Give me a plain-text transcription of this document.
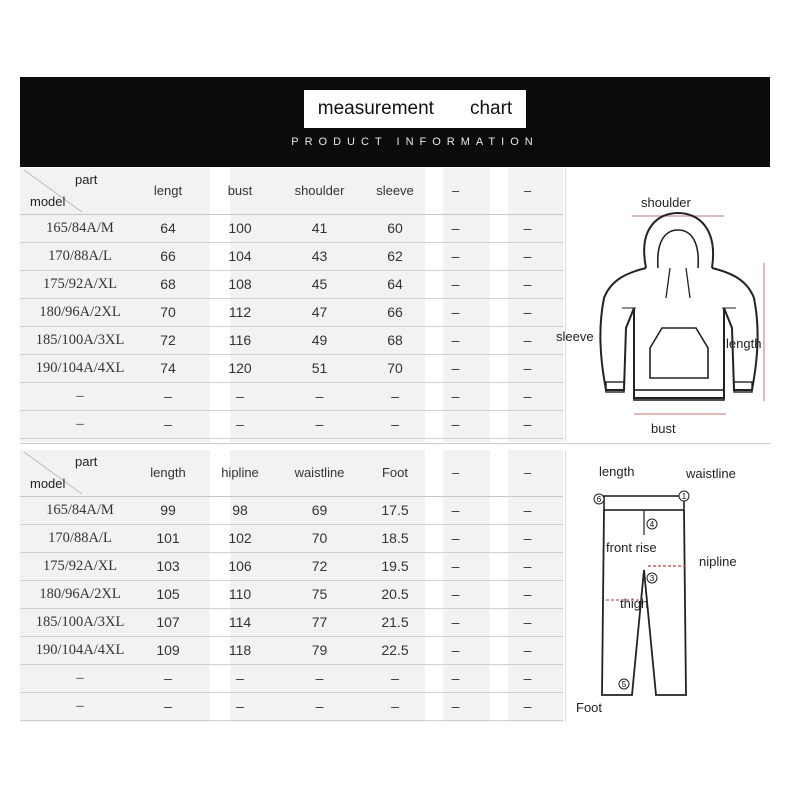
measurement chart
PRODUCT INFORMATION
part
model
lengt	bust	shoulder	sleeve	–	–
165/84A/M	64	100	41	60	–	–
170/88A/L	66	104	43	62	–	–
175/92A/XL	68	108	45	64	–	–
180/96A/2XL	70	112	47	66	–	–
185/100A/3XL	72	116	49	68	–	–
190/104A/4XL	74	120	51	70	–	–
–	–	–	–	–	–	–
–	–	–	–	–	–	–
shoulder
sleeve	length
bust
part
model
length	hipline	waistline	Foot	–	–
165/84A/M	99	98	69	17.5	–	–
170/88A/L	101	102	70	18.5	–	–
175/92A/XL	103	106	72	19.5	–	–
180/96A/2XL	105	110	75	20.5	–	–
185/100A/3XL	107	114	77	21.5	–	–
190/104A/4XL	109	118	79	22.5	–	–
–	–	–	–	–	–	–
–	–	–	–	–	–	–
length	waistline
front rise
nipline
thigh
Foot
6	1
4
3
5
